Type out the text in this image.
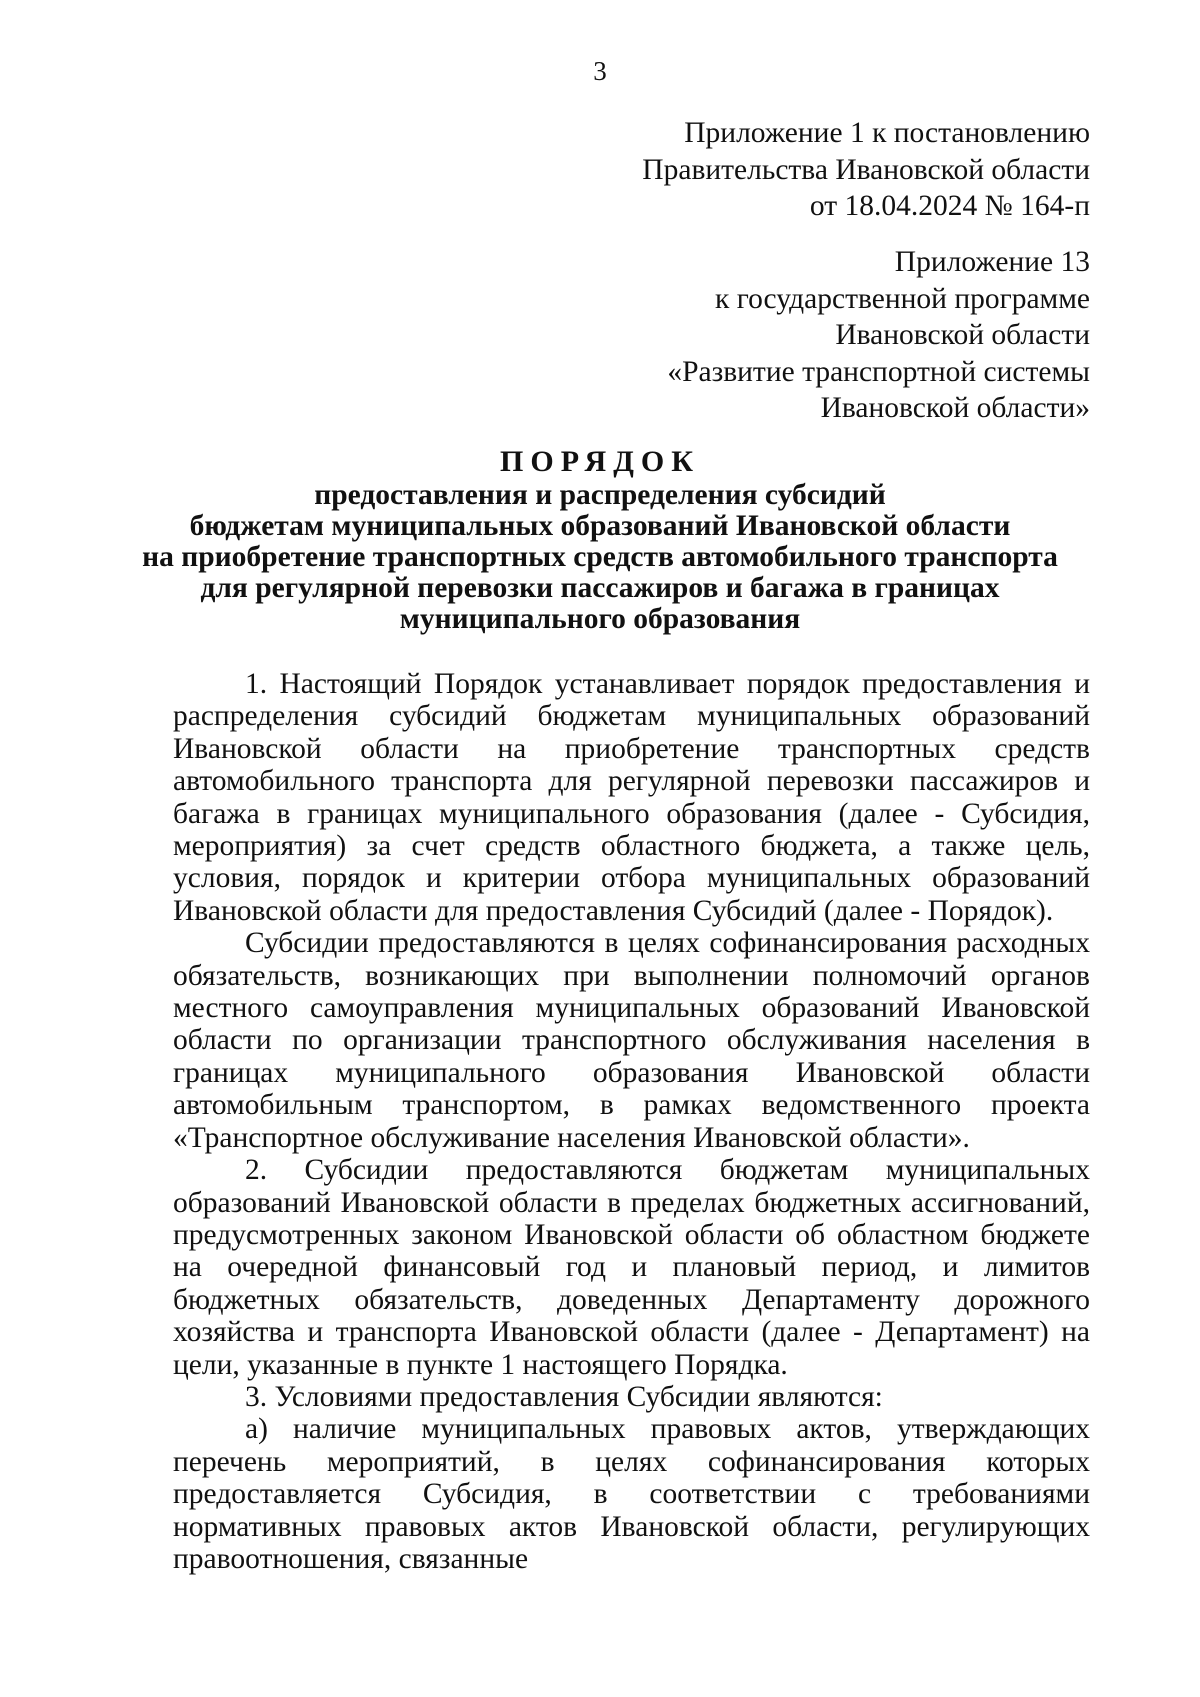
3
Приложение 1 к постановлению
Правительства Ивановской области
от 18.04.2024 № 164-п
Приложение 13
к государственной программе
Ивановской области
«Развитие транспортной системы
Ивановской области»
ПОРЯДОК
предоставления и распределения субсидий
бюджетам муниципальных образований Ивановской области
на приобретение транспортных средств автомобильного транспорта
для регулярной перевозки пассажиров и багажа в границах
муниципального образования

1. Настоящий Порядок устанавливает порядок предоставления и распределения субсидий бюджетам муниципальных образований Ивановской области на приобретение транспортных средств автомобильного транспорта для регулярной перевозки пассажиров и багажа в границах муниципального образования (далее - Субсидия, мероприятия) за счет средств областного бюджета, а также цель, условия, порядок и критерии отбора муниципальных образований Ивановской области для предоставления Субсидий (далее - Порядок).

Субсидии предоставляются в целях софинансирования расходных обязательств, возникающих при выполнении полномочий органов местного самоуправления муниципальных образований Ивановской области по организации транспортного обслуживания населения в границах муниципального образования Ивановской области автомобильным транспортом, в рамках ведомственного проекта «Транспортное обслуживание населения Ивановской области».

2. Субсидии предоставляются бюджетам муниципальных образований Ивановской области в пределах бюджетных ассигнований, предусмотренных законом Ивановской области об областном бюджете на очередной финансовый год и плановый период, и лимитов бюджетных обязательств, доведенных Департаменту дорожного хозяйства и транспорта Ивановской области (далее - Департамент) на цели, указанные в пункте 1 настоящего Порядка.

3. Условиями предоставления Субсидии являются:

а) наличие муниципальных правовых актов, утверждающих перечень мероприятий, в целях софинансирования которых предоставляется Субсидия, в соответствии с требованиями нормативных правовых актов Ивановской области, регулирующих правоотношения, связанные
